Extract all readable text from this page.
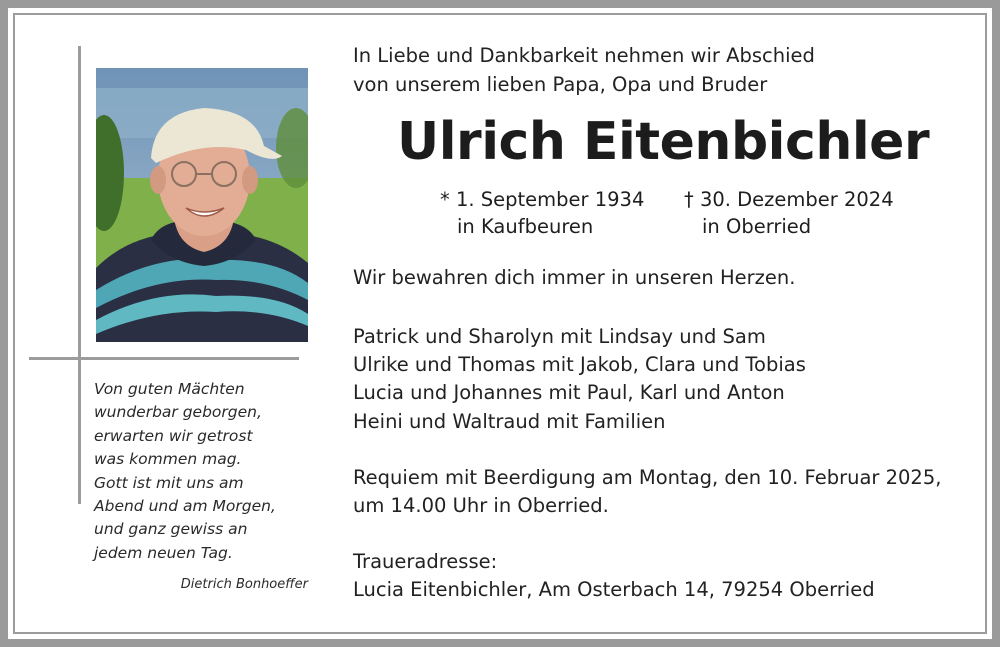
Von guten Mächten
wunderbar geborgen,
erwarten wir getrost
was kommen mag.
Gott ist mit uns am
Abend und am Morgen,
und ganz gewiss an
jedem neuen Tag.
Dietrich Bonhoeffer
In Liebe und Dankbarkeit nehmen wir Abschied
von unserem lieben Papa, Opa und Bruder
Ulrich Eitenbichler
* 1. September 1934
in Kaufbeuren
† 30. Dezember 2024
in Oberried
Wir bewahren dich immer in unseren Herzen.
Patrick und Sharolyn mit Lindsay und Sam
Ulrike und Thomas mit Jakob, Clara und Tobias
Lucia und Johannes mit Paul, Karl und Anton
Heini und Waltraud mit Familien
Requiem mit Beerdigung am Montag, den 10. Februar 2025,
um 14.00 Uhr in Oberried.
Traueradresse:
Lucia Eitenbichler, Am Osterbach 14, 79254 Oberried
